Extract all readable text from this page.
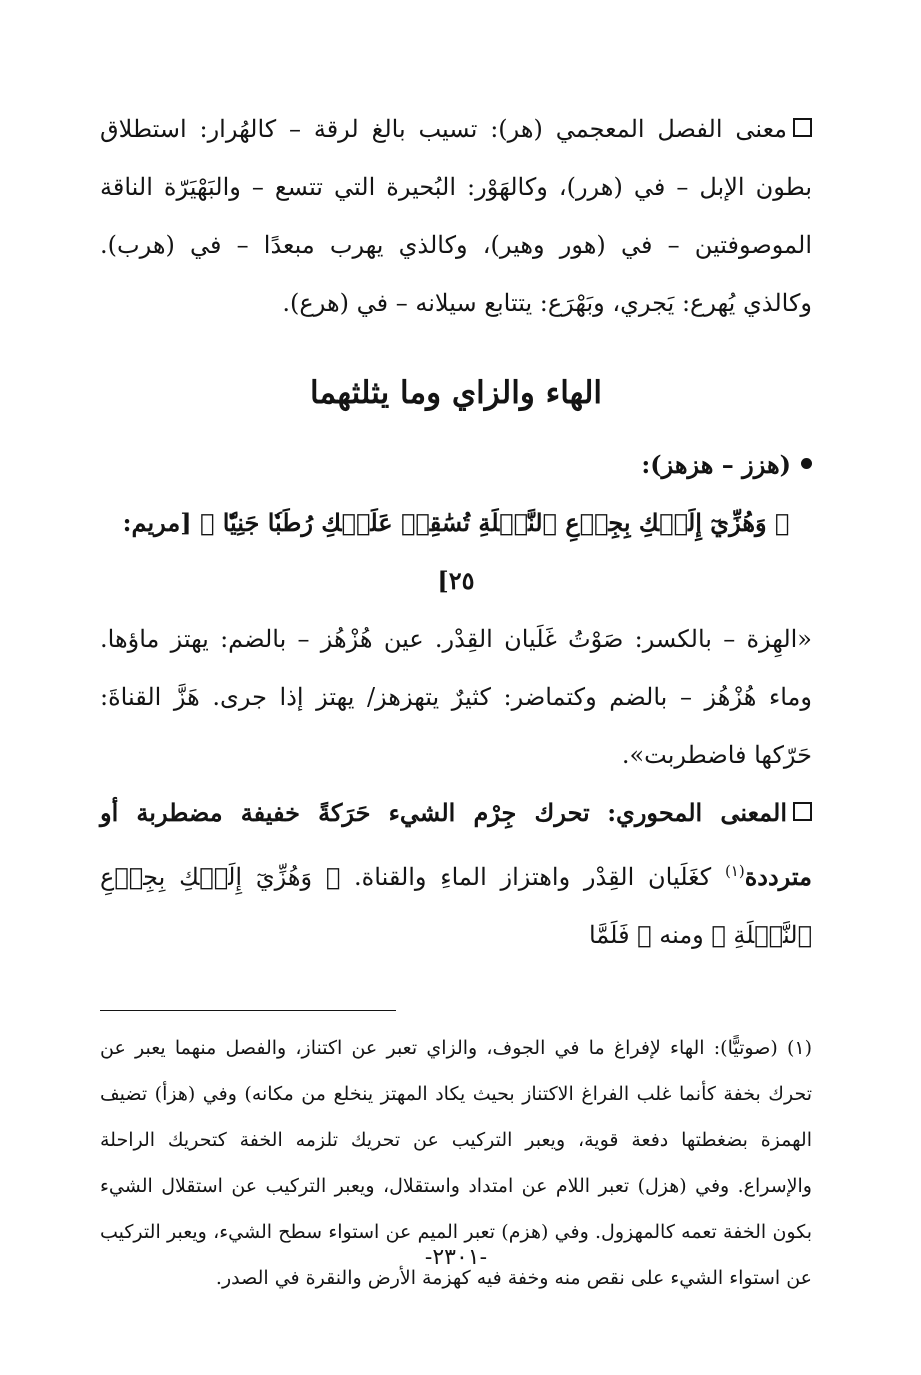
معنى الفصل المعجمي (هر): تسيب بالغ لرقة – كالهُرار: استطلاق بطون الإبل – في (هرر)، وكالهَوْر: البُحيرة التي تتسع – والبَهْيَرّة الناقة الموصوفتين – في (هور وهير)، وكالذي يهرب مبعدًا – في (هرب). وكالذي يُهرع: يَجري، وبَهْرَع: يتتابع سيلانه – في (هرع).

الهاء والزاي وما يثلثهما

(هزز – هزهز):

﴿ وَهُزِّيٓ إِلَيۡكِ بِجِذۡعِ ٱلنَّخۡلَةِ تُسَٰقِطۡ عَلَيۡكِ رُطَبٗا جَنِيّٗا ﴾ [مريم: ٢٥]

«الهِزة – بالكسر: صَوْتُ غَلَيان القِدْر. عين هُزْهُز – بالضم: يهتز ماؤها. وماء هُزْهُز – بالضم وكتماضر: كثيرٌ يتهزهز/ يهتز إذا جرى. هَزَّ القناةَ: حَرّكها فاضطربت».

المعنى المحوري: تحرك جِرْم الشيء حَرَكةً خفيفة مضطربة أو مترددة$^{(١)}$ كغَلَيان القِدْر واهتزاز الماءِ والقناة. ﴿ وَهُزِّيٓ إِلَيۡكِ بِجِذۡعِ ٱلنَّخۡلَةِ ﴾ ومنه ﴿ فَلَمَّا

(١) (صوتيًّا): الهاء لإفراغ ما في الجوف، والزاي تعبر عن اكتناز، والفصل منهما يعبر عن تحرك بخفة كأنما غلب الفراغ الاكتناز بحيث يكاد المهتز ينخلع من مكانه) وفي (هزأ) تضيف الهمزة بضغطتها دفعة قوية، ويعبر التركيب عن تحريك تلزمه الخفة كتحريك الراحلة والإسراع. وفي (هزل) تعبر اللام عن امتداد واستقلال، ويعبر التركيب عن استقلال الشيء بكون الخفة تعمه كالمهزول. وفي (هزم) تعبر الميم عن استواء سطح الشيء، ويعبر التركيب عن استواء الشيء على نقص منه وخفة فيه كهزمة الأرض والنقرة في الصدر.

-٢٣٠١-
